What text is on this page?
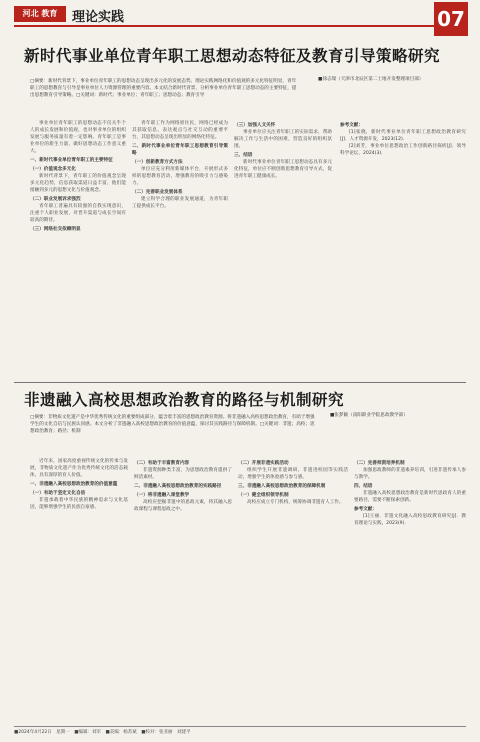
河北 教育	理论实践	07
新时代事业单位青年职工思想动态特征及教育引导策略研究
□摘要：新时代背景下，事业单位青年职工的思想动态呈现出多元化的发展态势。理论实践网络化和价值观的多元化特征明显，青年职工的思想教育与引导是事业单位人力资源管理的重要内容。本文结合新时代背景，分析事业单位青年职工思想动态的主要特征，提出思想教育引导策略。□关键词：新时代；事业单位；青年职工；思想动态；教育引导
■徐志瑞（天津市北辰区第二土地开发整理项目部）

事业单位青年职工的思想动态不仅关乎个人的成长发展和价值观，也对事业单位的组织发展与服务质量有着一定影响。青年职工是事业单位的新生力量，做好思想动态工作意义重大。

一、新时代事业单位青年职工的主要特征

（一）价值观念多元化

新时代背景下，青年职工的价值观念呈现多元化趋势，信息获取渠道日益丰富，他们能接触到多元的思想文化与价值观念。

（二）职业发展诉求强烈

青年职工普遍具有较强的自我实现意识，注重个人职业发展，对晋升渠道与成长空间有较高的期待。

（三）网络社交依赖明显

青年职工作为网络原住民，网络已经成为其获取信息、表达观点与社交互动的重要平台，其思想动态呈现出明显的网络化特征。

二、新时代事业单位青年职工思想教育引导策略

（一）创新教育方式方法

单位应充分利用新媒体平台，开展形式多样的思想教育活动，增强教育的吸引力与感染力。

（二）完善职业发展体系

建立科学合理的职业发展通道，为青年职工提供成长平台。

（三）加强人文关怀

事业单位应关注青年职工的实际需求，帮助解决工作与生活中的困难，营造良好的组织氛围。

三、结语

新时代事业单位青年职工思想动态具有多元化特征，单位应不断创新思想教育引导方式，促进青年职工健康成长。

参考文献：

[1]张晓，新时代事业单位青年职工思想政治教育研究[J]．人才资源开发，2023(12)．

[2]刘芳，事业单位思想政治工作创新路径探析[J]．领导科学论坛，2024(3)．

非遗融入高校思想政治教育的路径与机制研究
□摘要：非物质文化遗产是中华优秀传统文化的重要组成部分，蕴含着丰富的思想政治教育资源。将非遗融入高校思想政治教育，有助于增强学生的文化自信与民族认同感。本文分析了非遗融入高校思想政治教育的价值意蕴，探讨其实践路径与保障机制。□关键词：非遗；高校；思想政治教育；路径；机制
■张梦颖（南阳职业学院思政教学部）

近年来，国家高度重视传统文化的传承与发展，非物质文化遗产作为优秀传统文化的活态载体，具有深厚的育人价值。

一、非遗融入高校思想政治教育的价值意蕴

（一）有助于坚定文化自信

非遗承载着中华民族的精神追求与文化基因，能够增强学生的民族自豪感。

（二）有助于丰富教育内容

非遗资源种类丰富，为思想政治教育提供了鲜活素材。

二、非遗融入高校思想政治教育的实践路径

（一）将非遗融入课堂教学

高校应挖掘非遗中的思政元素，将其融入思政课程与课程思政之中。

（二）开展非遗实践活动

组织学生开展非遗调研、非遗进校园等实践活动，增强学生的体验感与参与感。

三、非遗融入高校思想政治教育的保障机制

（一）健全组织领导机制

高校应成立专门机构，统筹协调非遗育人工作。

（二）完善师资培养机制

加强思政教师的非遗素养培训，引进非遗传承人参与教学。

四、结语

非遗融入高校思想政治教育是新时代思政育人的重要路径，需要不断探索创新。

参考文献：

[1]王丽．非遗文化融入高校思政教育研究[J]．教育理论与实践，2023(9)．

■2024年4月22日　星期一　■编辑：刘军　■美编：杨苏斌　■校对：张亚丽　刘建平
